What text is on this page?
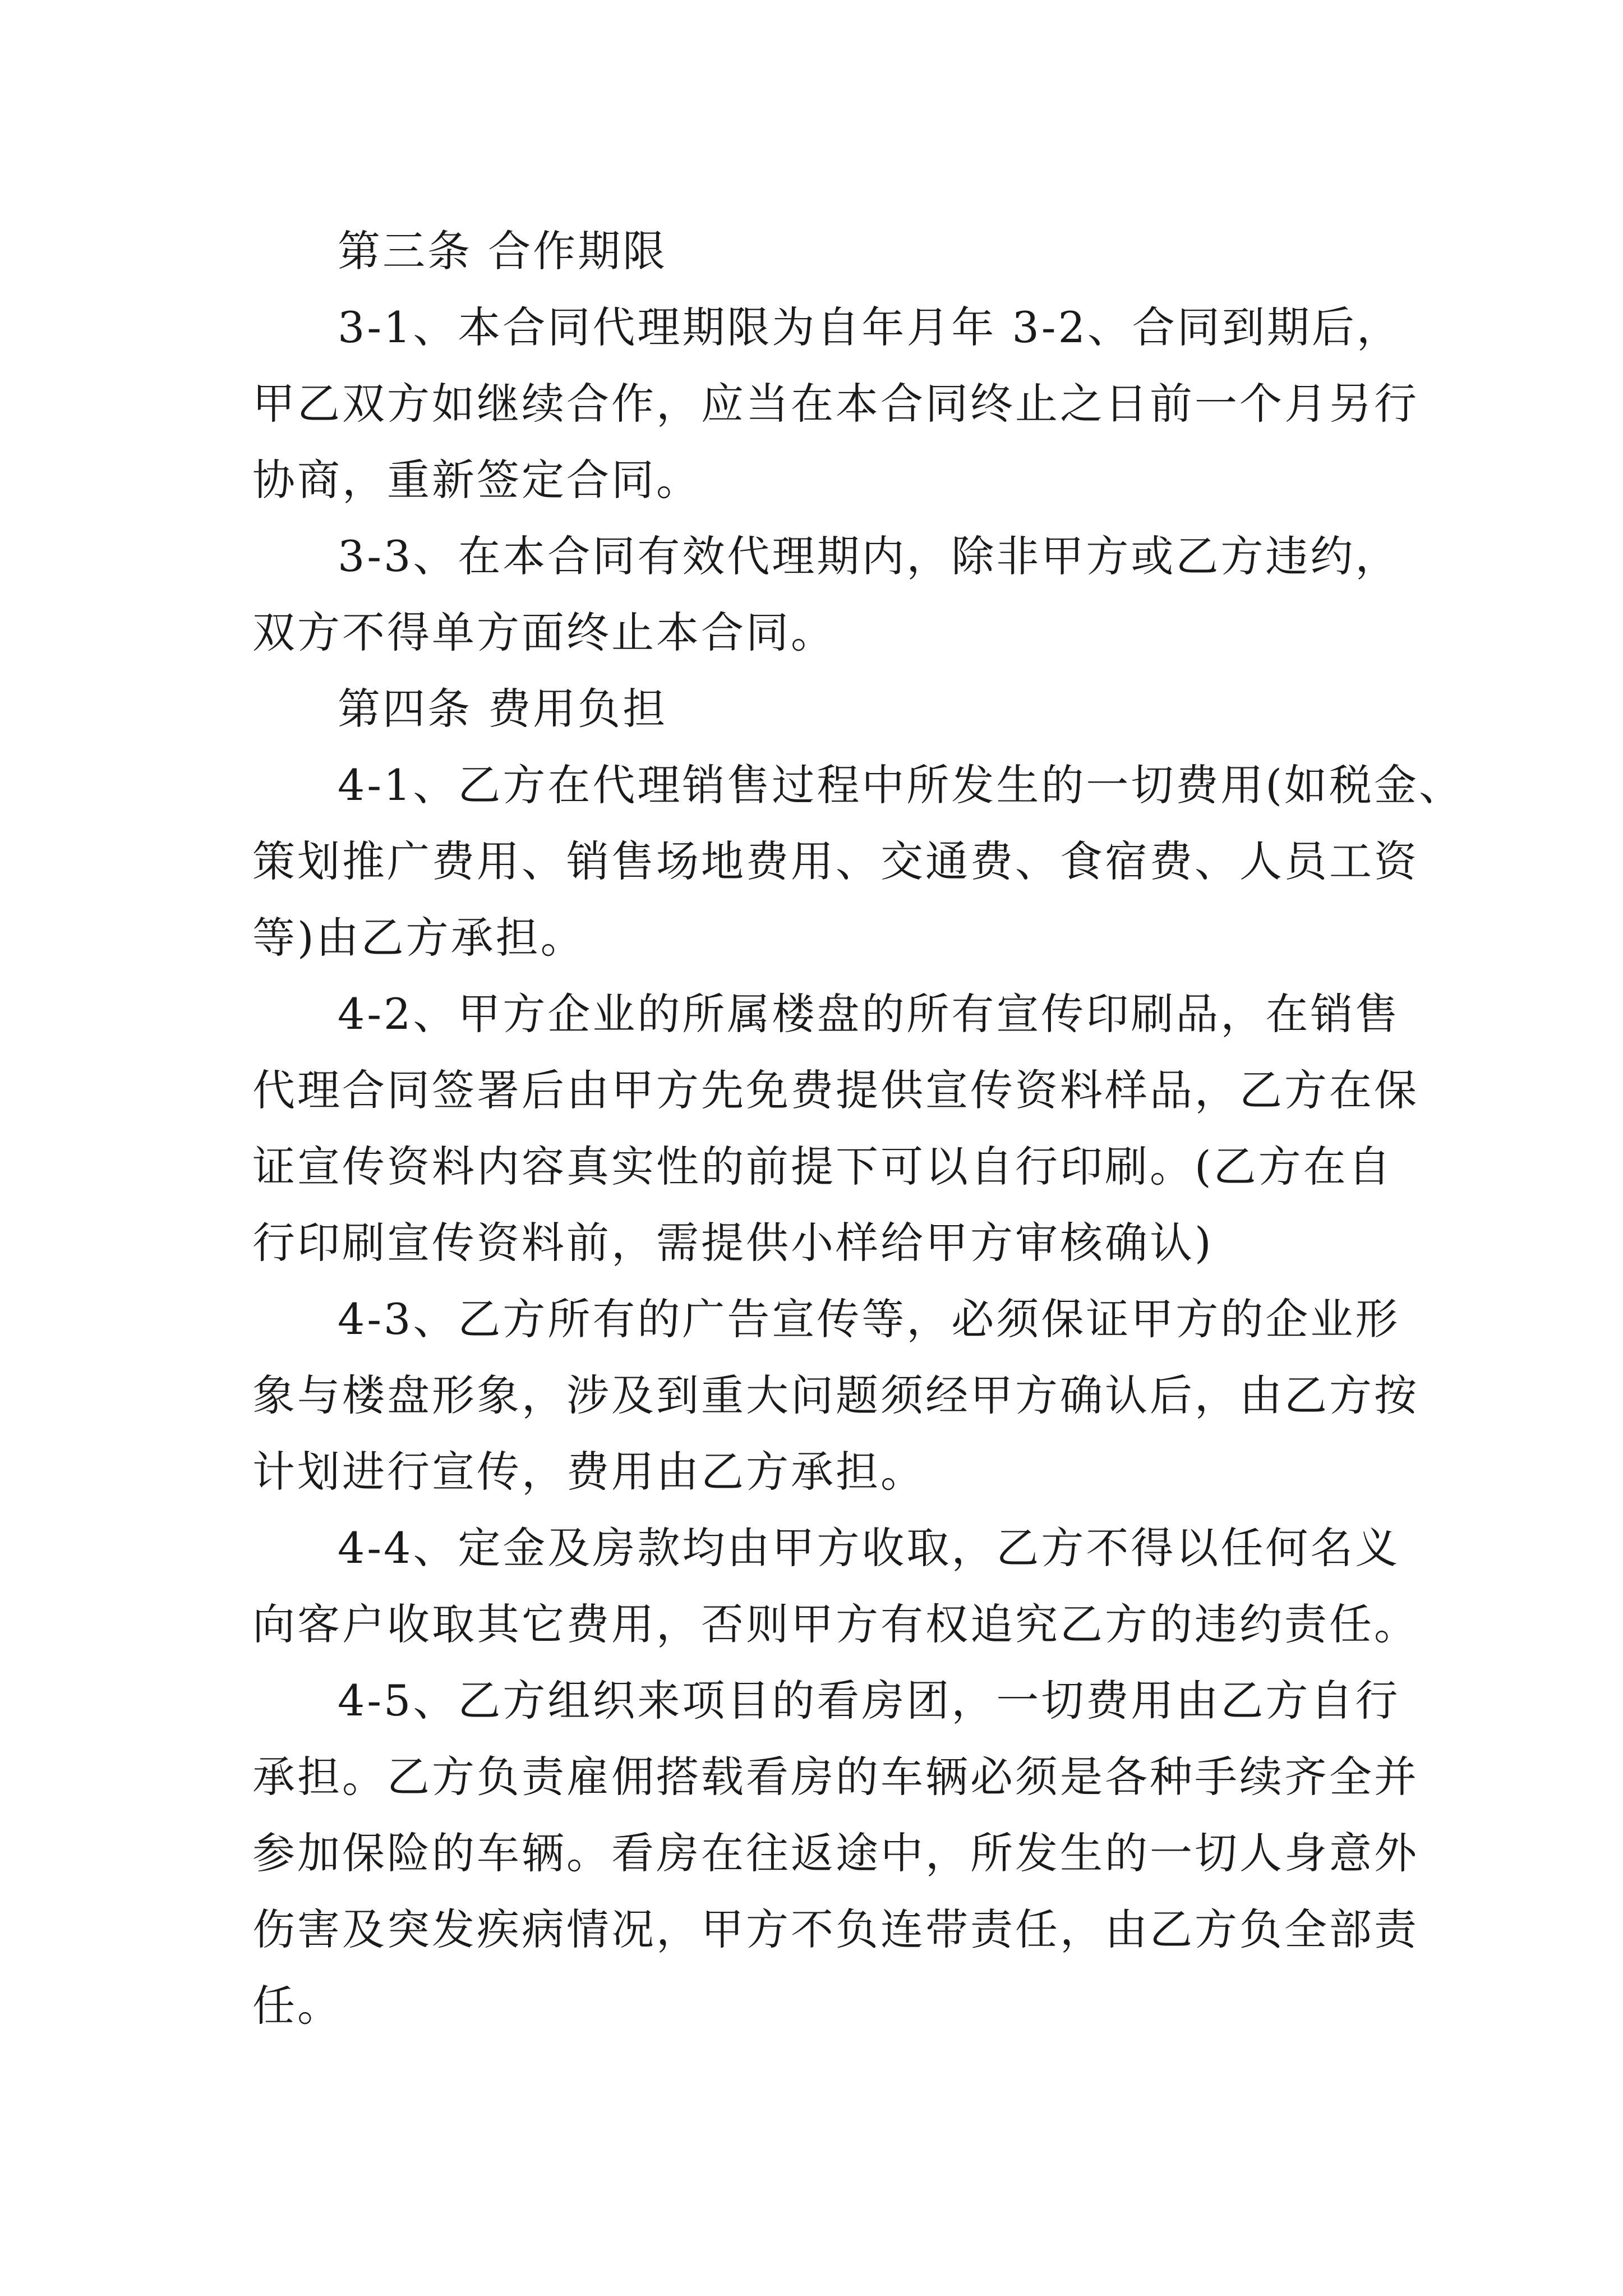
第三条 合作期限

3-1、本合同代理期限为自年月年 3-2、合同到期后，
甲乙双方如继续合作，应当在本合同终止之日前一个月另行
协商，重新签定合同。

3-3、在本合同有效代理期内，除非甲方或乙方违约，
双方不得单方面终止本合同。

第四条 费用负担

4-1、乙方在代理销售过程中所发生的一切费用(如税金、
策划推广费用、销售场地费用、交通费、食宿费、人员工资
等)由乙方承担。

4-2、甲方企业的所属楼盘的所有宣传印刷品，在销售
代理合同签署后由甲方先免费提供宣传资料样品，乙方在保
证宣传资料内容真实性的前提下可以自行印刷。(乙方在自
行印刷宣传资料前，需提供小样给甲方审核确认)

4-3、乙方所有的广告宣传等，必须保证甲方的企业形
象与楼盘形象，涉及到重大问题须经甲方确认后，由乙方按
计划进行宣传，费用由乙方承担。

4-4、定金及房款均由甲方收取，乙方不得以任何名义
向客户收取其它费用，否则甲方有权追究乙方的违约责任。

4-5、乙方组织来项目的看房团，一切费用由乙方自行
承担。乙方负责雇佣搭载看房的车辆必须是各种手续齐全并
参加保险的车辆。看房在往返途中，所发生的一切人身意外
伤害及突发疾病情况，甲方不负连带责任，由乙方负全部责
任。
